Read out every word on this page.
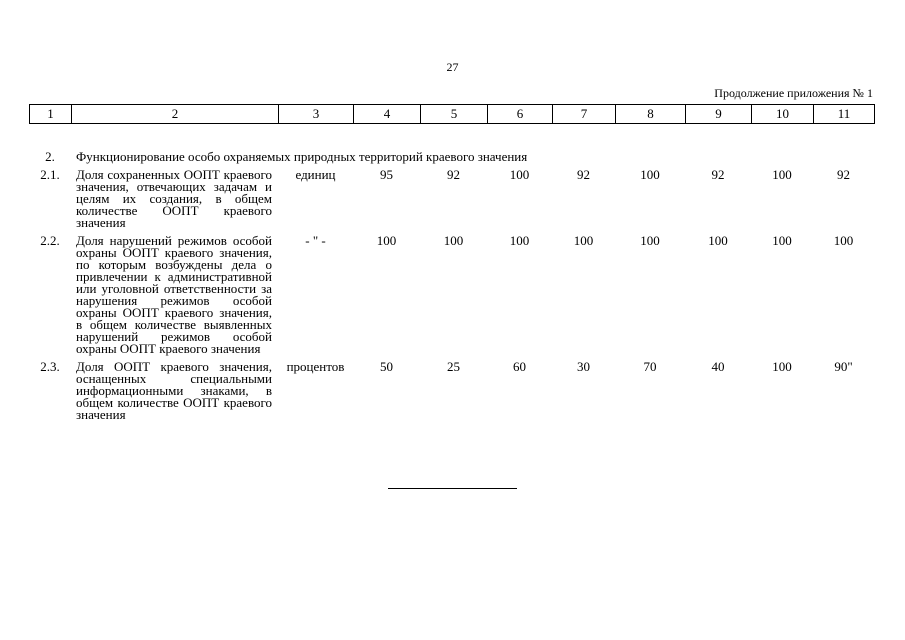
27
Продолжение приложения № 1
1	2	3	4	5	6	7	8	9	10	11
2.	Функционирование особо охраняемых природных территорий краевого значения
2.1.	Доля сохраненных ООПТ краевого значения, отвечающих задачам и целям их создания, в общем количестве ООПТ краевого значения	единиц	95	92	100	92	100	92	100	92
2.2.	Доля нарушений режимов особой охраны ООПТ краевого значения, по которым возбуждены дела о привлечении к административной или уголовной ответственности за нарушения режимов особой охраны ООПТ краевого значения, в общем количестве выявленных нарушений режимов особой охраны ООПТ краевого значения	- " -	100	100	100	100	100	100	100	100
2.3.	Доля ООПТ краевого значения, оснащенных специальными информационными знаками, в общем количестве ООПТ краевого значения	процентов	50	25	60	30	70	40	100	90"
